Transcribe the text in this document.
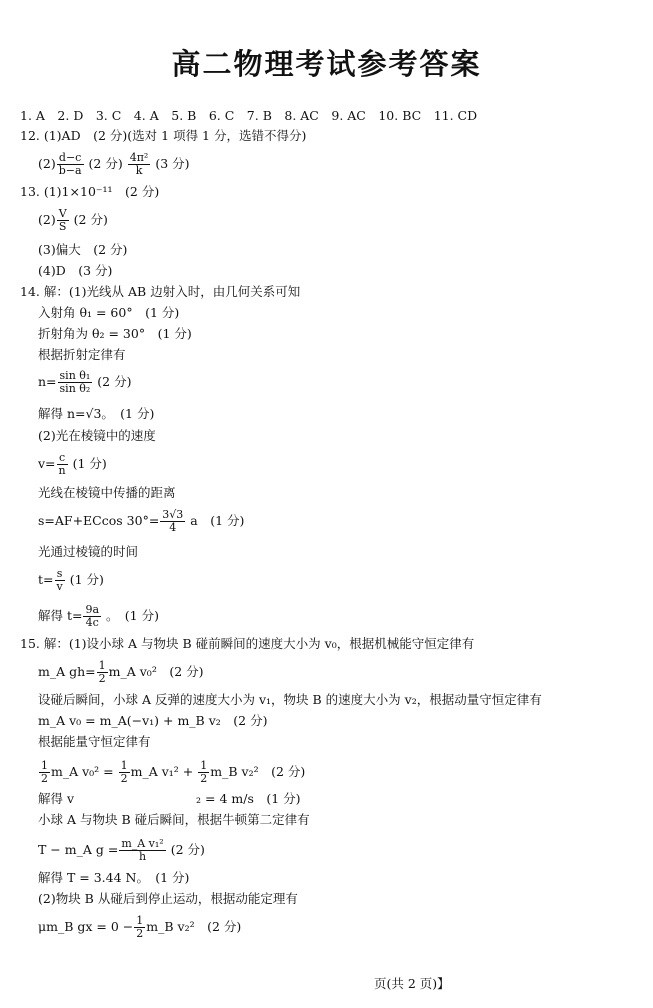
高二物理考试参考答案
1. A　2. D　3. C　4. A　5. B　6. C　7. B　8. AC　9. AC　10. BC　11. CD
12. (1)AD　(2 分)(选对 1 项得 1 分，选错不得分)
$(2) \frac{d-c}{b-a} (2$ 分) $\frac{\text{4π²}}{k} (3$ 分)
13. (1)1×10⁻¹¹　(2 分)
$(2) \frac{V}{S} (2$ 分)
(3)偏大　(2 分)
(4)D　(3 分)
14. 解：(1)光线从 AB 边射入时，由几何关系可知
入射角 θ₁ = 60°　(1 分)
折射角为 θ₂ = 30°　(1 分)
根据折射定律有
$n= \frac{\text{sin θ₁}}{\text{sin θ₂}} (2$ 分)
解得 n=√3。　(1 分)
(2)光在棱镜中的速度
$v= \frac{c}{n} (1$ 分)
光线在棱镜中传播的距离
s=AF+ECcos $30^\circ= \frac{3√3}{4}$ a　(1 分)
光通过棱镜的时间
$t= \frac{s}{v} (1$ 分)
解得 $t= \frac{9a}{4c}$ 。　(1 分)
15. 解：(1)设小球 A 与物块 B 碰前瞬间的速度大小为 v₀，根据机械能守恒定律有
m_A $gh= \frac{1}{2}$ m_A v₀²　(2 分)
设碰后瞬间，小球 A 反弹的速度大小为 v₁，物块 B 的速度大小为 v₂，根据动量守恒定律有
m_A v₀ = m_A(−v₁) + m_B v₂　(2 分)
根据能量守恒定律有
$\frac{1}{2}$ m_A $v_0^2 = \frac{1}{2}$ m_A $v_1^2 + \frac{1}{2}$ m_B v₂²　(2 分)
解得 v	₂ = 4 m/s　(1 分)
小球 A 与物块 B 碰后瞬间，根据牛顿第二定律有
T − m_A $g = \frac{\text{m\_A v₁²}}{h} (2$ 分)
解得 T = 3.44 N。　(1 分)
(2)物块 B 从碰后到停止运动，根据动能定理有
μm_B gx = $0 - \frac{1}{2}$ m_B v₂²　(2 分)
页(共 2 页)】
